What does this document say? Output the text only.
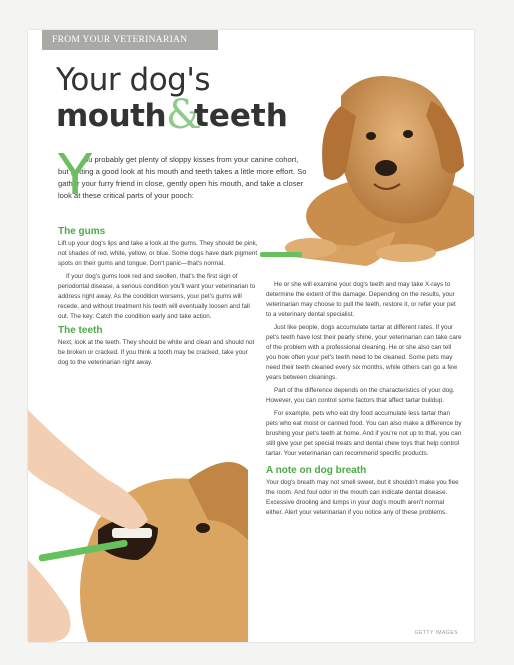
FROM YOUR VETERINARIAN
Your dog's
mouth &
teeth
Y

ou probably get plenty of sloppy kisses from your canine cohort, but getting a good look at his mouth and teeth takes a little more effort. So gather your furry friend in close, gently open his mouth, and take a closer look at these critical parts of your pooch:

The gums

Lift up your dog's lips and take a look at the gums. They should be pink, not shades of red, white, yellow, or blue. Some dogs have dark pigment spots on their gums and tongue. Don't panic—that's normal.

If your dog's gums look red and swollen, that's the first sign of periodontal disease, a serious condition you'll want your veterinarian to address right away. As the condition worsens, your pet's gums will recede, and without treatment his teeth will eventually loosen and fall out. The key: Catch the condition early and take action.

The teeth

Next, look at the teeth. They should be white and clean and should not be broken or cracked. If you think a tooth may be cracked, take your dog to the veterinarian right away.

He or she will examine your dog's teeth and may take X-rays to determine the extent of the damage. Depending on the results, your veterinarian may choose to pull the teeth, restore it, or refer your pet to a veterinary dental specialist.

Just like people, dogs accumulate tartar at different rates. If your pet's teeth have lost their pearly shine, your veterinarian can take care of the problem with a professional cleaning. He or she also can tell you how often your pet's teeth need to be cleaned. Some pets may need their teeth cleaned every six months, while others can go a few years between cleanings.

Part of the difference depends on the characteristics of your dog. However, you can control some factors that affect tartar buildup.

For example, pets who eat dry food accumulate less tartar than pets who eat moist or canned food. You can also make a difference by brushing your pet's teeth at home. And if you're not up to that, you can still give your pet special treats and dental chew toys that help control tartar. Your veterinarian can recommend specific products.

A note on dog breath

Your dog's breath may not smell sweet, but it shouldn't make you flee the room. And foul odor in the mouth can indicate dental disease. Excessive drooling and lumps in your dog's mouth aren't normal either. Alert your veterinarian if you notice any of these problems.

GETTY IMAGES
